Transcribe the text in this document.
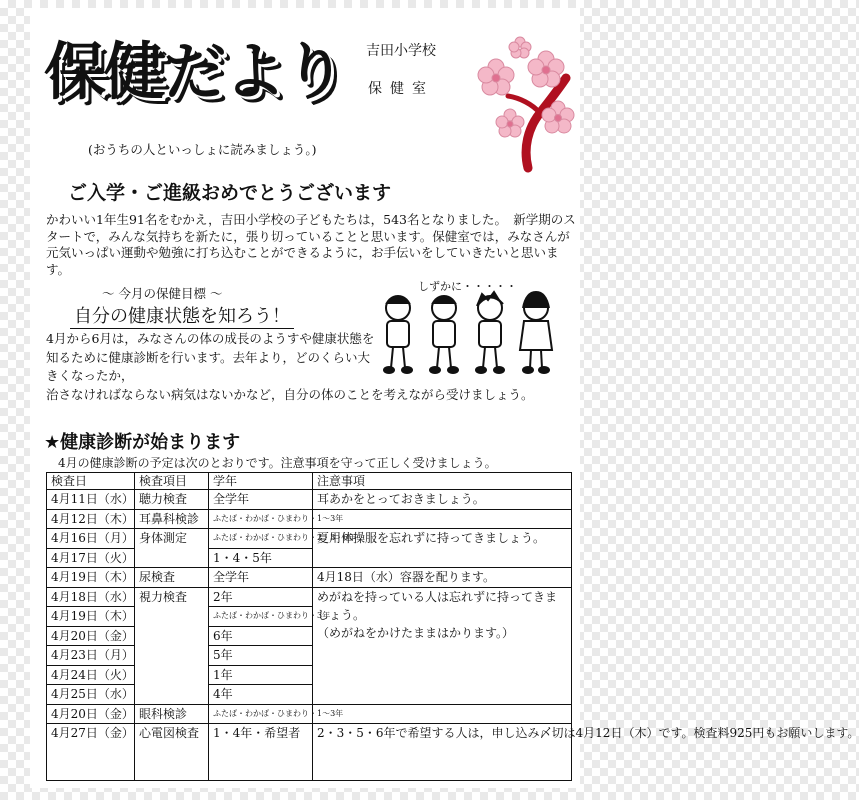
保健だより 吉田小学校
保健室
(おうちの人といっしょに読みましょう。)
ご入学・ご進級おめでとうございます
かわいい1年生91名をむかえ，吉田小学校の子どもたちは，543名となりました。　新学期のスタートで，みんな気持ちを新たに，張り切っていることと思います。保健室では，みなさんが元気いっぱい運動や勉強に打ち込むことができるように，お手伝いをしていきたいと思います。
～ 今月の保健目標 ～
自分の健康状態を知ろう！
4月から6月は，みなさんの体の成長のようすや健康状態を知るために健康診断を行います。去年より，どのくらい大きくなったか，
治さなければならない病気はないかなど，自分の体のことを考えながら受けましょう。
しずかに・・・・・
★健康診断が始まります
4月の健康診断の予定は次のとおりです。注意事項を守って正しく受けましょう。
検査日	検査項目	学年	注意事項
4月11日（水）	聴力検査	全学年	耳あかをとっておきましょう。
4月12日（木）	耳鼻科検診	ふたば・わかば・ひまわり・1～3年	
4月16日（月）	身体測定	ふたば・わかば・ひまわり・2・3・6年	夏用体操服を忘れずに持ってきましょう。
4月17日（火）		1・4・5年	
4月19日（木）	尿検査	全学年	4月18日（水）容器を配ります。
4月18日（水）	視力検査	2年	めがねを持っている人は忘れずに持ってきましょう。
（めがねをかけたままはかります。）
4月19日（木）		ふたば・わかば・ひまわり・3年	
4月20日（金）		6年	
4月23日（月）		5年	
4月24日（火）		1年	
4月25日（水）		4年	
4月20日（金）	眼科検診	ふたば・わかば・ひまわり・1～3年	
4月27日（金）	心電図検査	1・4年・希望者	2・3・5・6年で希望する人は，申し込み〆切は4月12日（木）です。検査料925円もお願いします。
